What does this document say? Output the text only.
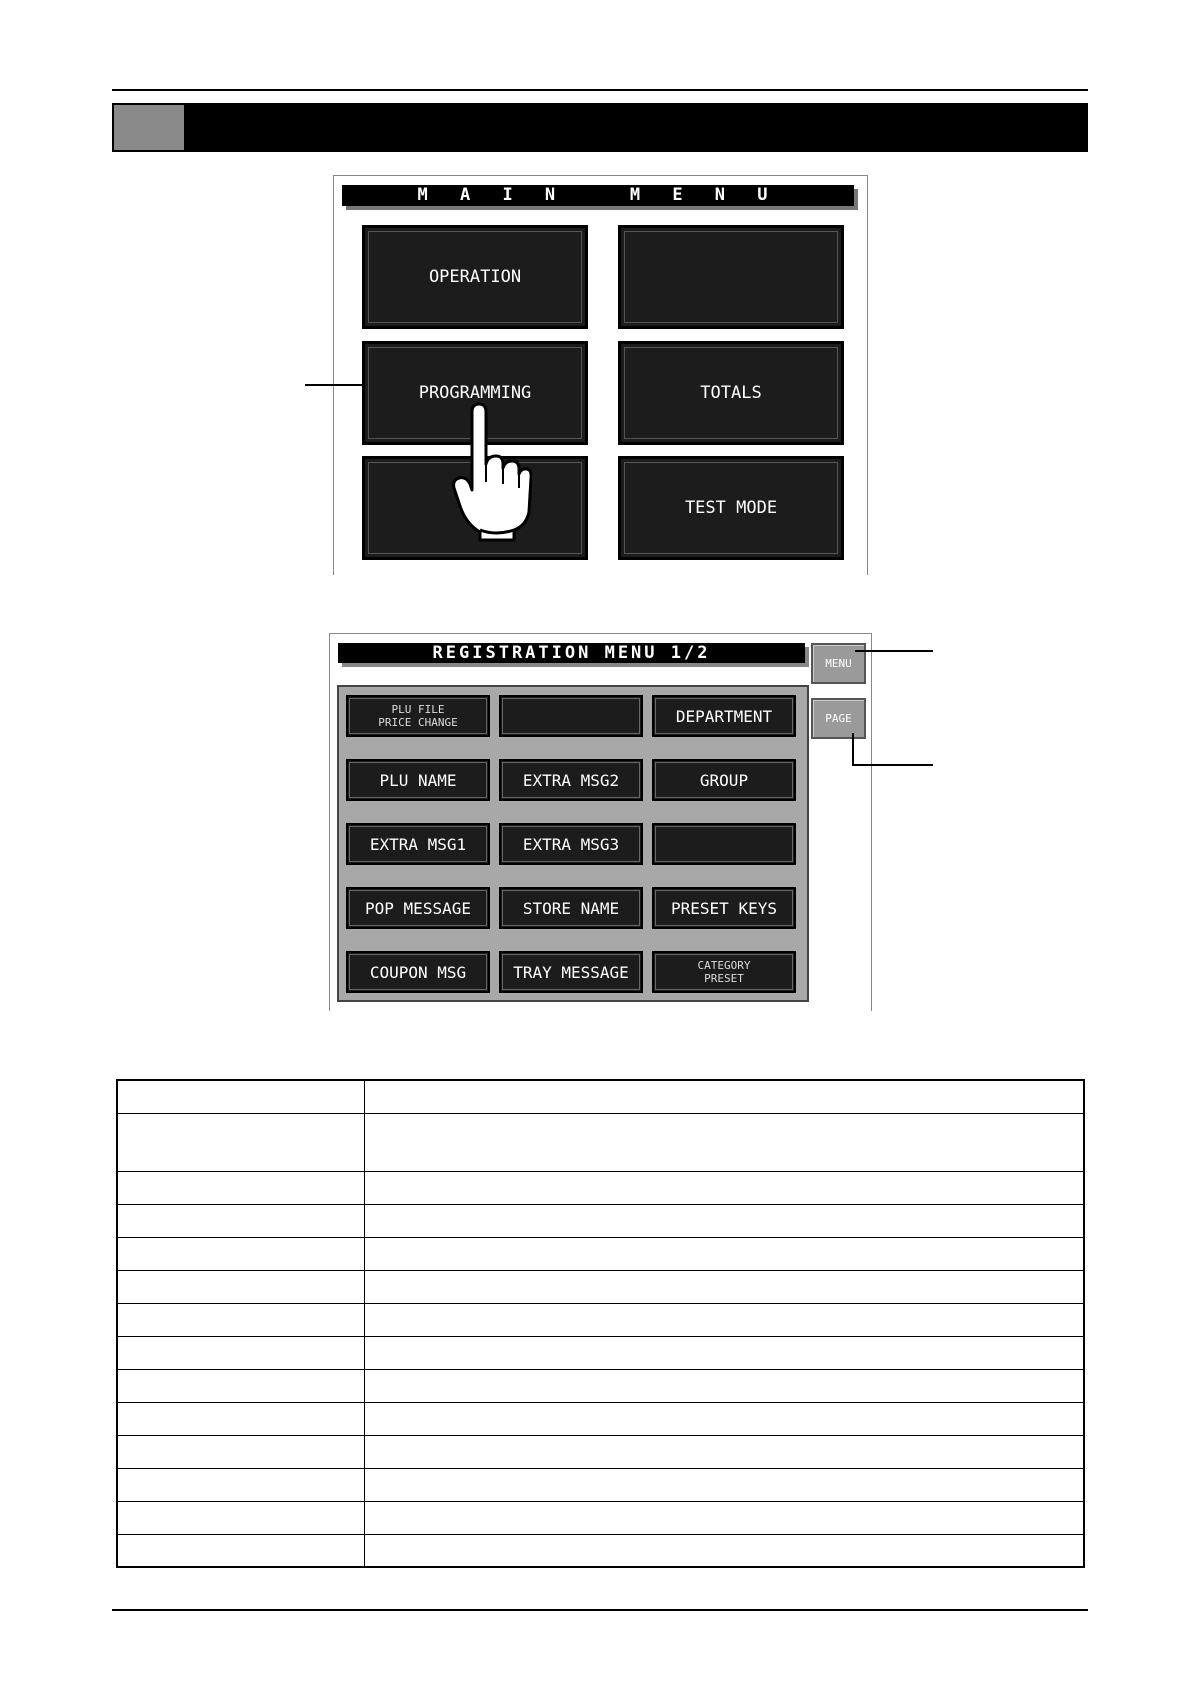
M A I N   M E N U
OPERATION
PROGRAMMING	TOTALS
TEST MODE
REGISTRATION MENU 1/2
PLU FILE
PRICE CHANGE	DEPARTMENT
PLU NAME	EXTRA MSG2	GROUP
EXTRA MSG1	EXTRA MSG3
POP MESSAGE	STORE NAME	PRESET KEYS
COUPON MSG	TRAY MESSAGE	CATEGORY
PRESET
MENU
PAGE
